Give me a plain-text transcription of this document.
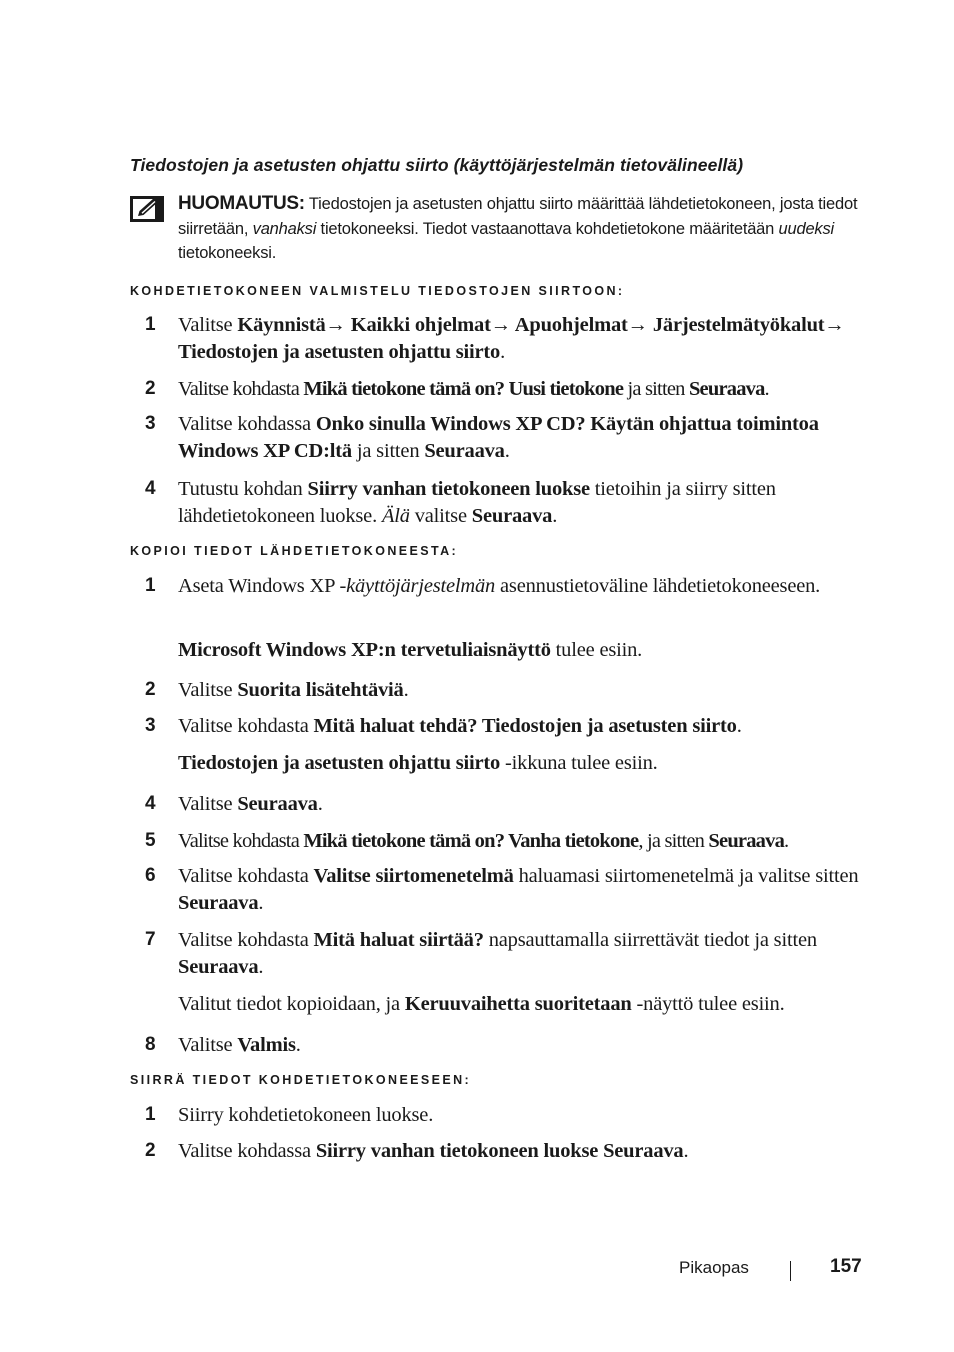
Tiedostojen ja asetusten ohjattu siirto (käyttöjärjestelmän tietovälineellä)
HUOMAUTUS: Tiedostojen ja asetusten ohjattu siirto määrittää lähdetietokoneen, josta tiedot siirretään, vanhaksi tietokoneeksi. Tiedot vastaanottava kohdetietokone määritetään uudeksi tietokoneeksi.
KOHDETIETOKONEEN VALMISTELU TIEDOSTOJEN SIIRTOON:
1	Valitse Käynnistä→ Kaikki ohjelmat→ Apuohjelmat→ Järjestelmätyökalut→ Tiedostojen ja asetusten ohjattu siirto.
2	Valitse kohdasta Mikä tietokone tämä on? Uusi tietokone ja sitten Seuraava.
3	Valitse kohdassa Onko sinulla Windows XP CD? Käytän ohjattua toimintoa Windows XP CD:ltä ja sitten Seuraava.
4	Tutustu kohdan Siirry vanhan tietokoneen luokse tietoihin ja siirry sitten lähdetietokoneen luokse. Älä valitse Seuraava.
KOPIOI TIEDOT LÄHDETIETOKONEESTA:
1	Aseta Windows XP -käyttöjärjestelmän asennustietoväline lähdetietokoneeseen.
Microsoft Windows XP:n tervetuliaisnäyttö tulee esiin.
2	Valitse Suorita lisätehtäviä.
3	Valitse kohdasta Mitä haluat tehdä? Tiedostojen ja asetusten siirto.
Tiedostojen ja asetusten ohjattu siirto -ikkuna tulee esiin.
4	Valitse Seuraava.
5	Valitse kohdasta Mikä tietokone tämä on? Vanha tietokone, ja sitten Seuraava.
6	Valitse kohdasta Valitse siirtomenetelmä haluamasi siirtomenetelmä ja valitse sitten Seuraava.
7	Valitse kohdasta Mitä haluat siirtää? napsauttamalla siirrettävät tiedot ja sitten Seuraava.
Valitut tiedot kopioidaan, ja Keruuvaihetta suoritetaan -näyttö tulee esiin.
8	Valitse Valmis.
SIIRRÄ TIEDOT KOHDETIETOKONEESEEN:
1	Siirry kohdetietokoneen luokse.
2	Valitse kohdassa Siirry vanhan tietokoneen luokse Seuraava.
Pikaopas	157
